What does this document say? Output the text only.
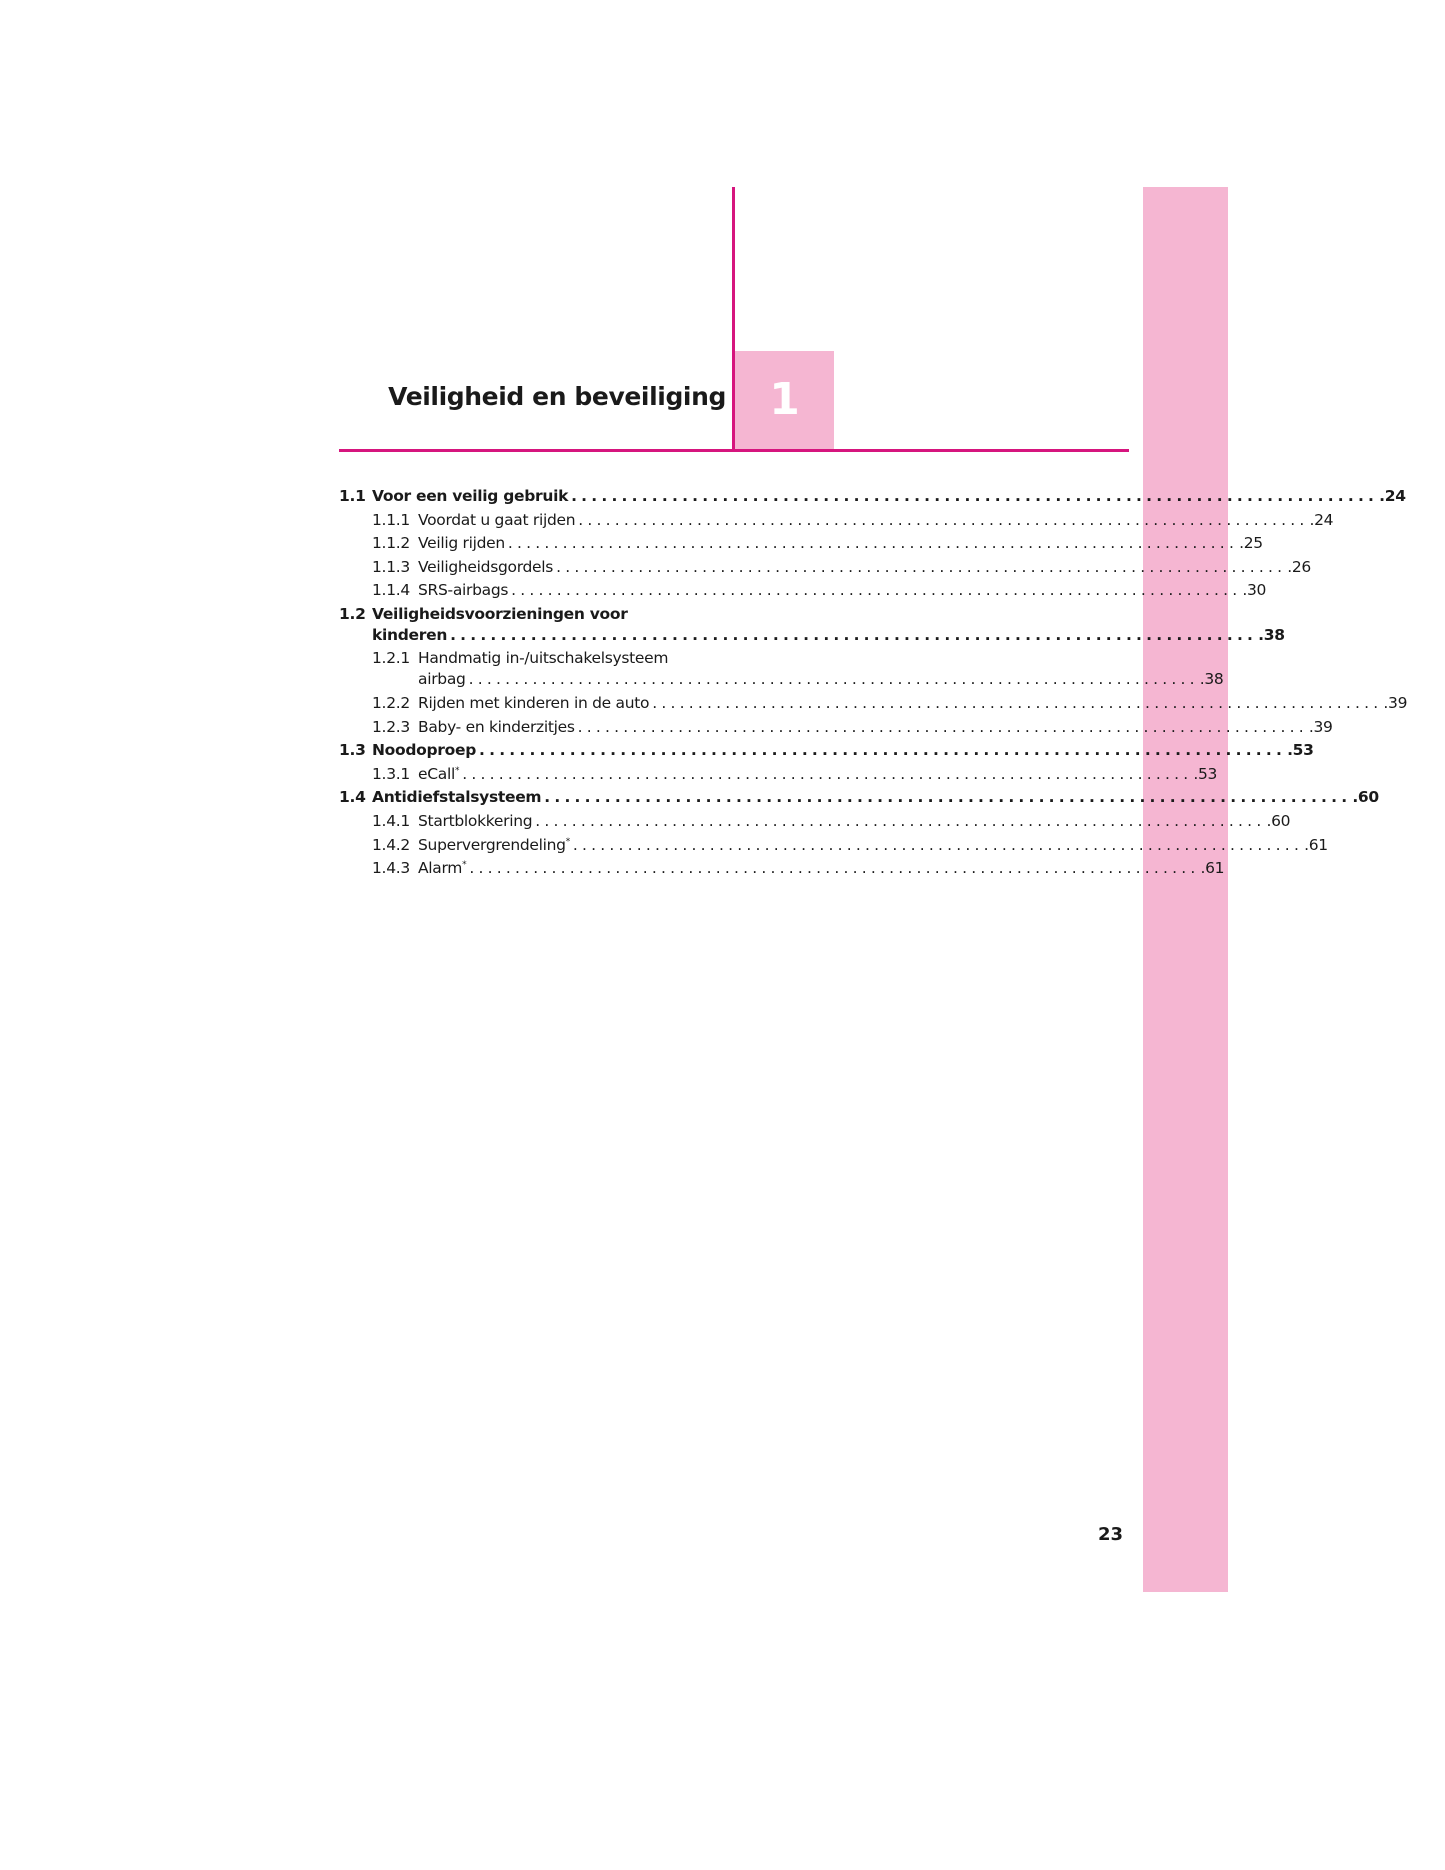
Veiligheid en beveiliging 1
1.1 Voor een veilig gebruik ................................................................................ .24
1.1.1 Voordat u gaat rijden ................................................................................ .24
1.1.2 Veilig rijden ................................................................................ .25
1.1.3 Veiligheidsgordels ................................................................................ .26
1.1.4 SRS-airbags ................................................................................ .30
1.2 Veiligheidsvoorzieningen voor
kinderen ................................................................................ .38
1.2.1 Handmatig in-/uitschakelsysteem
airbag ................................................................................ .38
1.2.2 Rijden met kinderen in de auto ................................................................................ .39
1.2.3 Baby- en kinderzitjes ................................................................................ .39
1.3 Noodoproep ................................................................................ .53
1.3.1 eCall* ................................................................................ .53
1.4 Antidiefstalsysteem ................................................................................ .60
1.4.1 Startblokkering ................................................................................ .60
1.4.2 Supervergrendeling* ................................................................................ .61
1.4.3 Alarm* ................................................................................ .61
23
